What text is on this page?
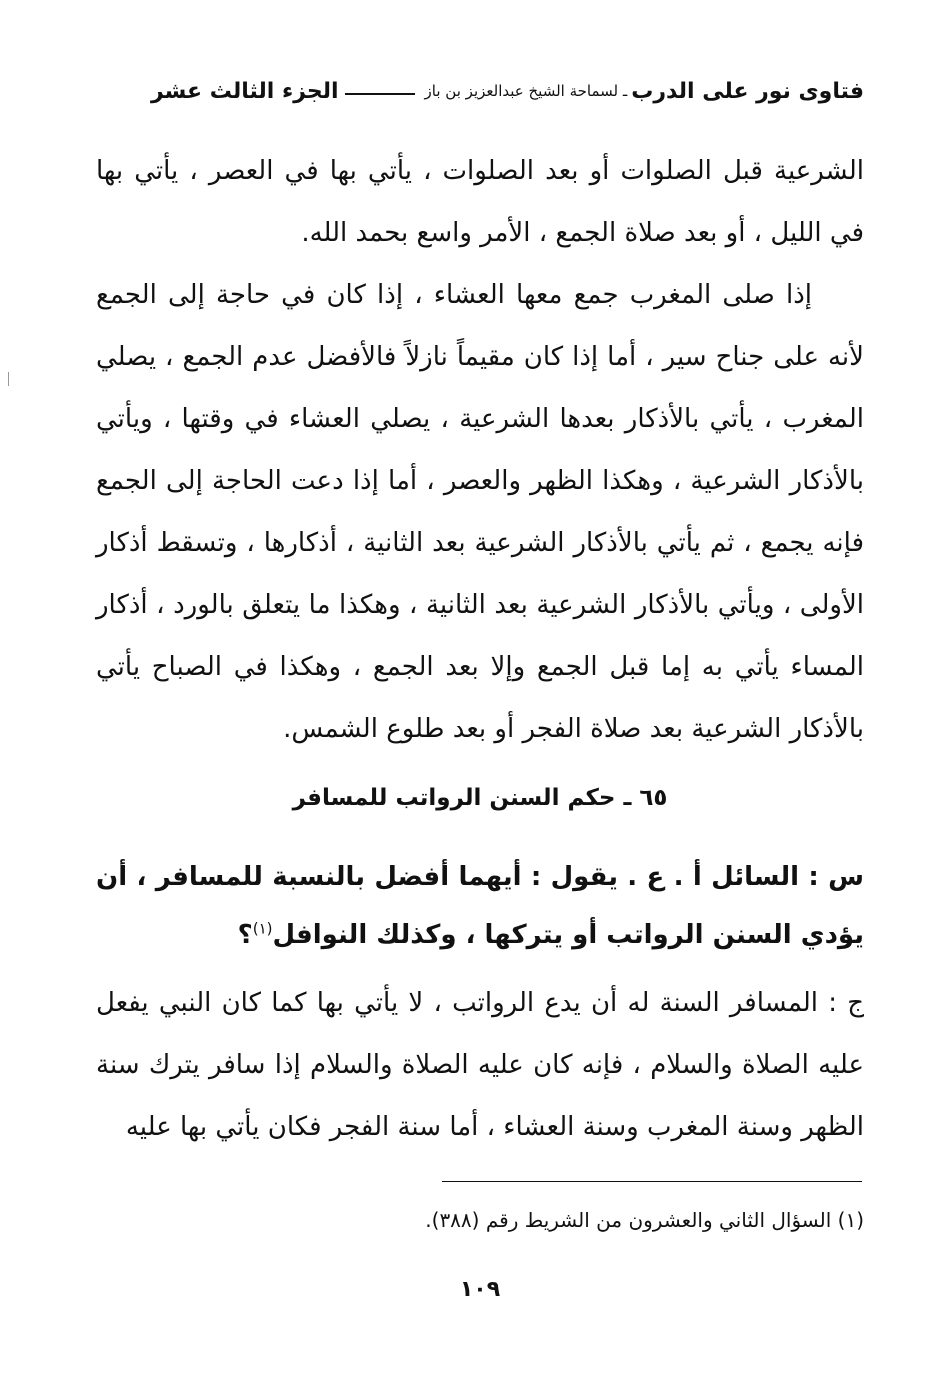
فتاوى نور على الدرب
ـ لسماحة الشيخ عبدالعزيز بن باز
الجزء الثالث عشر
الشرعية قبل الصلوات أو بعد الصلوات ، يأتي بها في العصر ، يأتي بها في الليل ، أو بعد صلاة الجمع ، الأمر واسع بحمد الله.
إذا صلى المغرب جمع معها العشاء ، إذا كان في حاجة إلى الجمع لأنه على جناح سير ، أما إذا كان مقيماً نازلاً فالأفضل عدم الجمع ، يصلي المغرب ، يأتي بالأذكار بعدها الشرعية ، يصلي العشاء في وقتها ، ويأتي بالأذكار الشرعية ، وهكذا الظهر والعصر ، أما إذا دعت الحاجة إلى الجمع فإنه يجمع ، ثم يأتي بالأذكار الشرعية بعد الثانية ، أذكارها ، وتسقط أذكار الأولى ، ويأتي بالأذكار الشرعية بعد الثانية ، وهكذا ما يتعلق بالورد ، أذكار المساء يأتي به إما قبل الجمع وإلا بعد الجمع ، وهكذا في الصباح يأتي بالأذكار الشرعية بعد صلاة الفجر أو بعد طلوع الشمس.
٦٥ ـ حكم السنن الرواتب للمسافر
س : السائل أ . ع . يقول : أيهما أفضل بالنسبة للمسافر ، أن يؤدي السنن الرواتب أو يتركها ، وكذلك النوافل$^{(١)}$؟
ج : المسافر السنة له أن يدع الرواتب ، لا يأتي بها كما كان النبي يفعل عليه الصلاة والسلام ، فإنه كان عليه الصلاة والسلام إذا سافر يترك سنة الظهر وسنة المغرب وسنة العشاء ، أما سنة الفجر فكان يأتي بها عليه
(١) السؤال الثاني والعشرون من الشريط رقم (٣٨٨).
١٠٩
